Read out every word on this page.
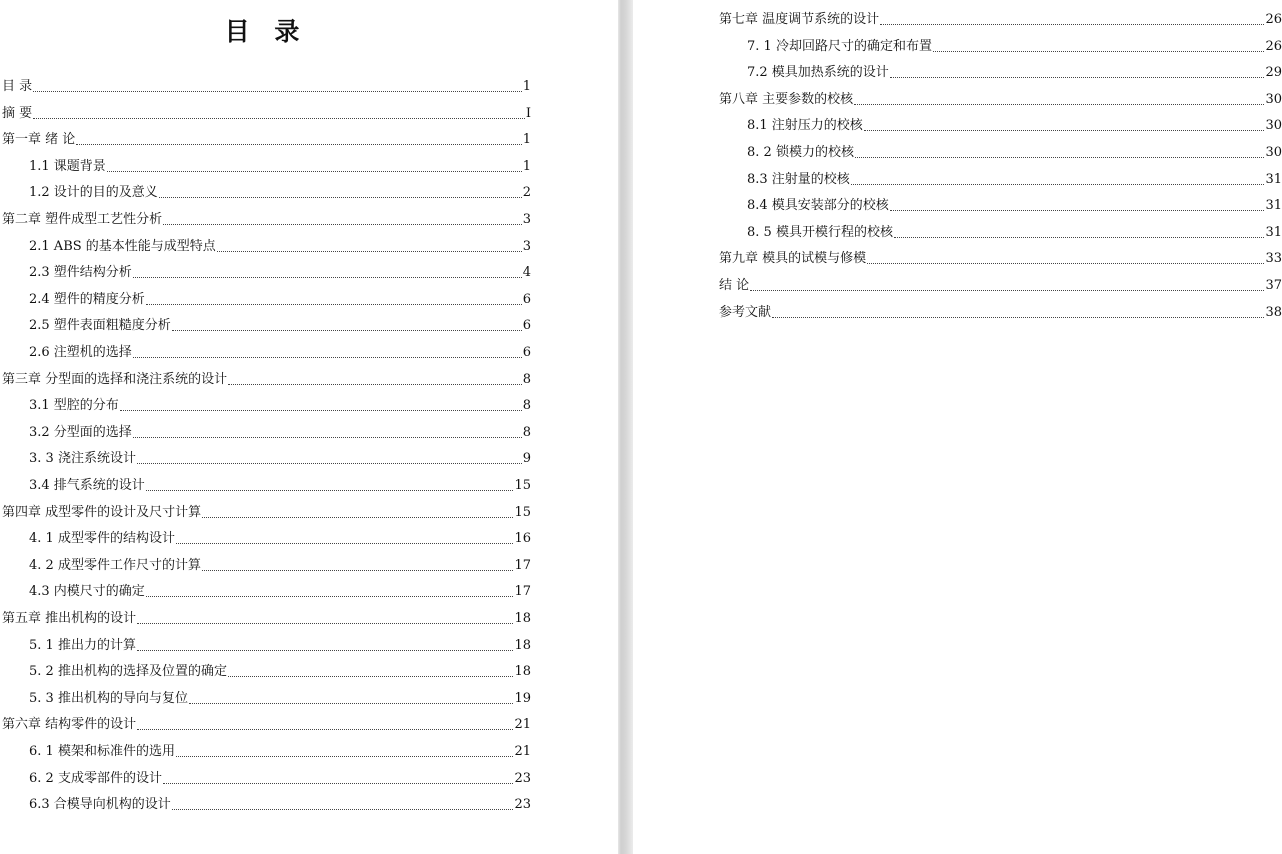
目 录
目 录	1
摘 要	I
第一章 绪 论	1
1.1 课题背景	1
1.2 设计的目的及意义	2
第二章 塑件成型工艺性分析	3
2.1 ABS 的基本性能与成型特点	3
2.3 塑件结构分析	4
2.4 塑件的精度分析	6
2.5 塑件表面粗糙度分析	6
2.6 注塑机的选择	6
第三章 分型面的选择和浇注系统的设计	8
3.1 型腔的分布	8
3.2 分型面的选择	8
3. 3 浇注系统设计	9
3.4 排气系统的设计	15
第四章 成型零件的设计及尺寸计算	15
4. 1 成型零件的结构设计	16
4. 2 成型零件工作尺寸的计算	17
4.3 内模尺寸的确定	17
第五章 推出机构的设计	18
5. 1 推出力的计算	18
5. 2 推出机构的选择及位置的确定	18
5. 3 推出机构的导向与复位	19
第六章 结构零件的设计	21
6. 1 模架和标准件的选用	21
6. 2 支成零部件的设计	23
6.3 合模导向机构的设计	23
第七章 温度调节系统的设计	26
7. 1 冷却回路尺寸的确定和布置	26
7.2 模具加热系统的设计	29
第八章 主要参数的校核	30
8.1 注射压力的校核	30
8. 2 锁模力的校核	30
8.3 注射量的校核	31
8.4 模具安装部分的校核	31
8. 5 模具开模行程的校核	31
第九章 模具的试模与修模	33
结 论	37
参考文献	38
